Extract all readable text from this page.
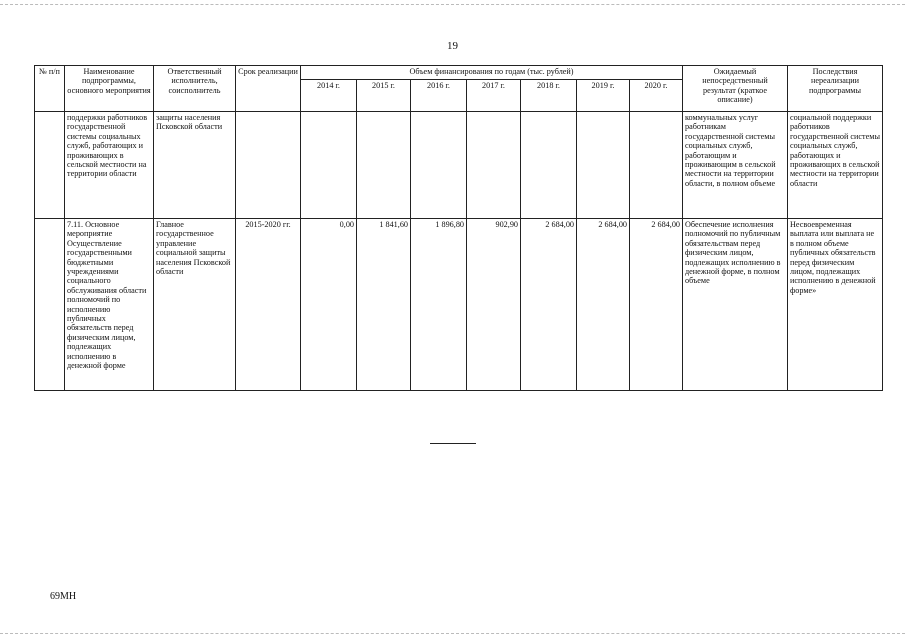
19
№ п/п	Наименование подпрограммы, основного мероприятия	Ответственный исполнитель, соисполнитель	Срок реализации	Объем финансирования по годам (тыс. рублей)							Ожидаемый непосредственный результат (краткое описание)	Последствия нереализации подпрограммы
				2014 г.	2015 г.	2016 г.	2017 г.	2018 г.	2019 г.	2020 г.		
	поддержки работников государственной системы социальных служб, работающих и проживающих в сельской местности на территории области	защиты населения Псковской области									коммунальных услуг работникам государственной системы социальных служб, работающим и проживающим в сельской местности на территории области, в полном объеме	социальной поддержки работников государственной системы социальных служб, работающих и проживающих в сельской местности на территории области
	7.11. Основное мероприятие Осуществление государственными бюджетными учреждениями социального обслуживания области полномочий по исполнению публичных обязательств перед физическим лицом, подлежащих исполнению в денежной форме	Главное государственное управление социальной защиты населения Псковской области	2015-2020 гг.	0,00	1 841,60	1 896,80	902,90	2 684,00	2 684,00	2 684,00	Обеспечение исполнения полномочий по публичным обязательствам перед физическим лицом, подлежащих исполнению в денежной форме, в полном объеме	Несвоевременная выплата или выплата не в полном объеме публичных обязательств перед физическим лицом, подлежащих исполнению в денежной форме»
69МН
